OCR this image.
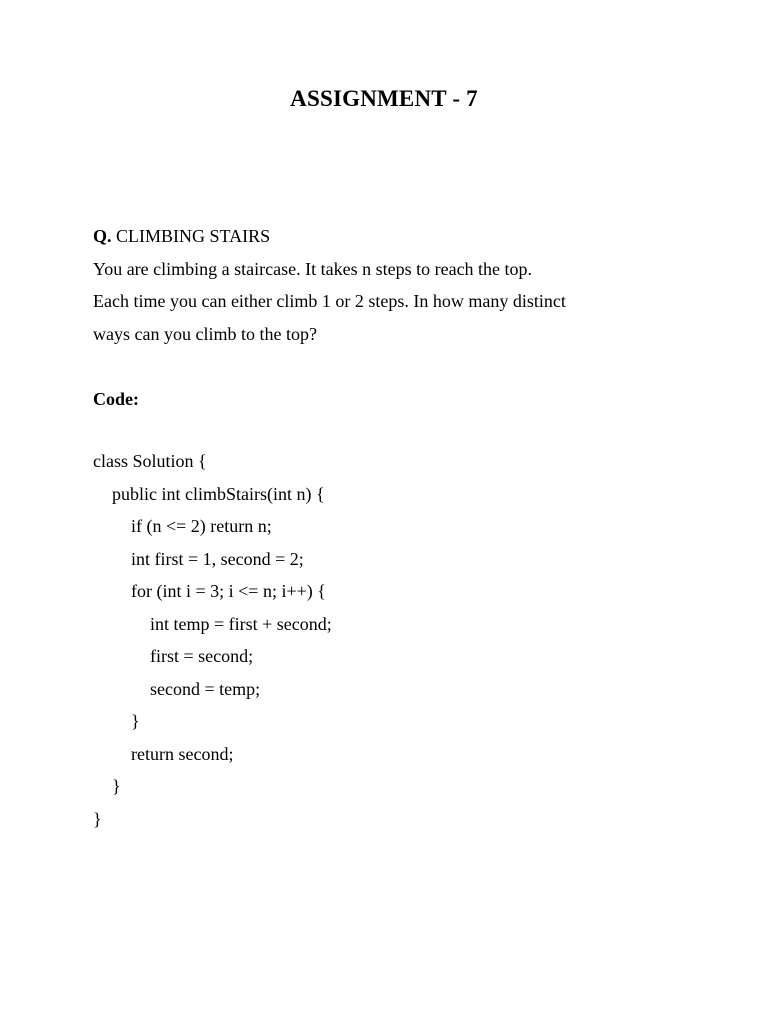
ASSIGNMENT - 7
Q. CLIMBING STAIRS
You are climbing a staircase. It takes n steps to reach the top.
Each time you can either climb 1 or 2 steps. In how many distinct
ways can you climb to the top?
Code:
class Solution {
public int climbStairs(int n) {
if (n <= 2) return n;
int first = 1, second = 2;
for (int i = 3; i <= n; i++) {
int temp = first + second;
first = second;
second = temp;
}
return second;
}
}
